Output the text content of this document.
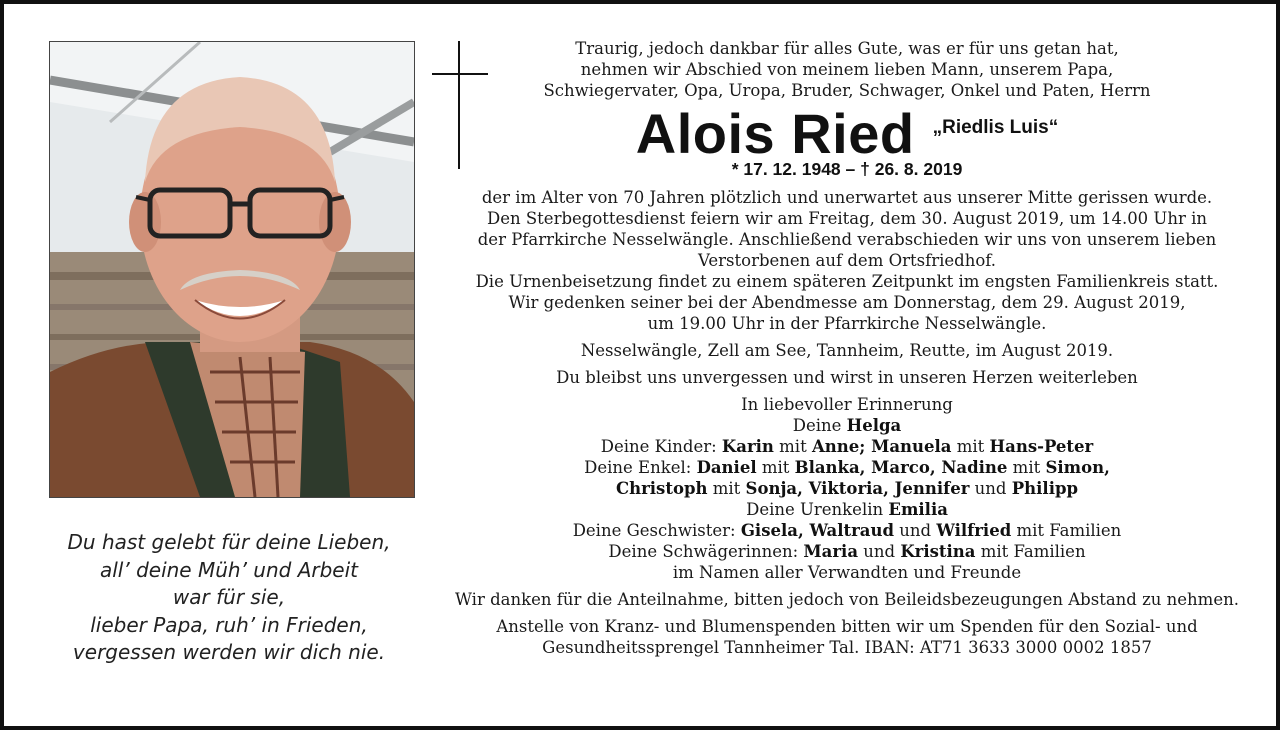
Du hast gelebt für deine Lieben,
all’ deine Müh’ und Arbeit
war für sie,
lieber Papa, ruh’ in Frieden,
vergessen werden wir dich nie.
Traurig, jedoch dankbar für alles Gute, was er für uns getan hat,
nehmen wir Abschied von meinem lieben Mann, unserem Papa,
Schwiegervater, Opa, Uropa, Bruder, Schwager, Onkel und Paten, Herrn
Alois Ried „Riedlis Luis“
* 17. 12. 1948 – † 26. 8. 2019
der im Alter von 70 Jahren plötzlich und unerwartet aus unserer Mitte gerissen wurde.
Den Sterbegottesdienst feiern wir am Freitag, dem 30. August 2019, um 14.00 Uhr in
der Pfarrkirche Nesselwängle. Anschließend verabschieden wir uns von unserem lieben
Verstorbenen auf dem Ortsfriedhof.
Die Urnenbeisetzung findet zu einem späteren Zeitpunkt im engsten Familienkreis statt.
Wir gedenken seiner bei der Abendmesse am Donnerstag, dem 29. August 2019,
um 19.00 Uhr in der Pfarrkirche Nesselwängle.
Nesselwängle, Zell am See, Tannheim, Reutte, im August 2019.
Du bleibst uns unvergessen und wirst in unseren Herzen weiterleben
In liebevoller Erinnerung
Deine Helga
Deine Kinder: Karin mit Anne; Manuela mit Hans-Peter
Deine Enkel: Daniel mit Blanka, Marco, Nadine mit Simon,
Christoph mit Sonja, Viktoria, Jennifer und Philipp
Deine Urenkelin Emilia
Deine Geschwister: Gisela, Waltraud und Wilfried mit Familien
Deine Schwägerinnen: Maria und Kristina mit Familien
im Namen aller Verwandten und Freunde
Wir danken für die Anteilnahme, bitten jedoch von Beileidsbezeugungen Abstand zu nehmen.
Anstelle von Kranz- und Blumenspenden bitten wir um Spenden für den Sozial- und
Gesundheitssprengel Tannheimer Tal. IBAN: AT71 3633 3000 0002 1857
